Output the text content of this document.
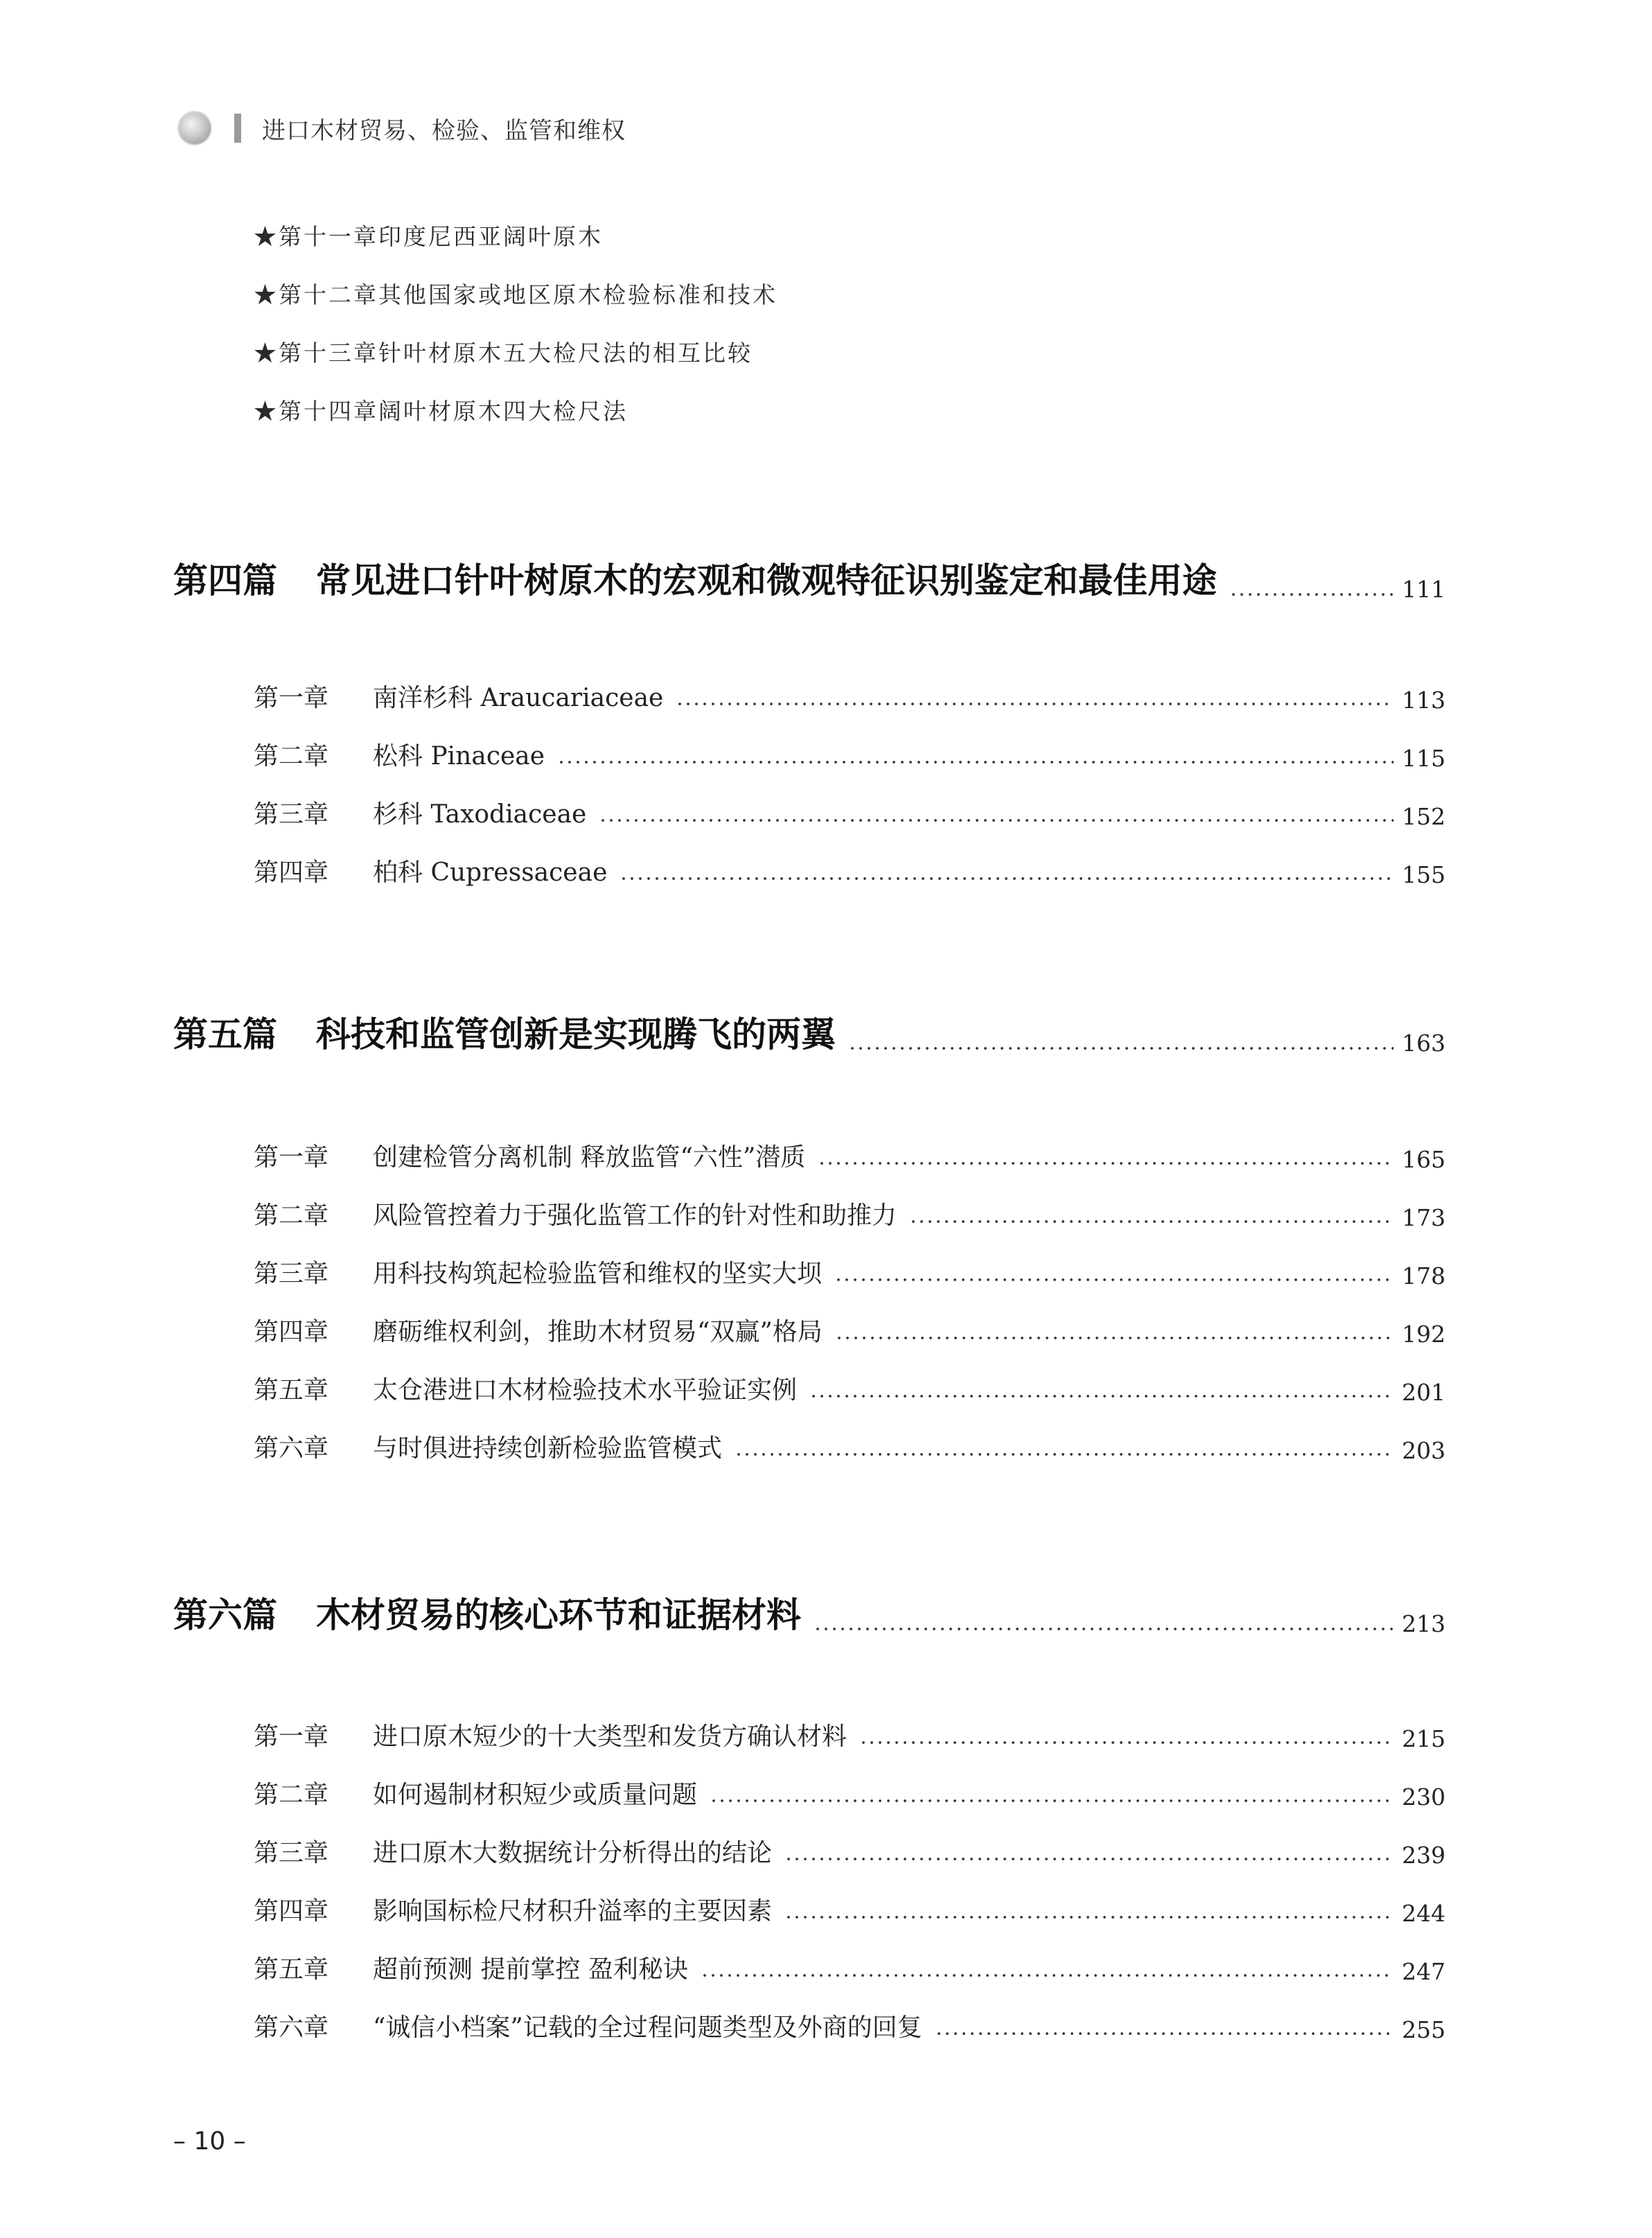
进口木材贸易、检验、监管和维权
★第十一章印度尼西亚阔叶原木
★第十二章其他国家或地区原木检验标准和技术
★第十三章针叶材原木五大检尺法的相互比较
★第十四章阔叶材原木四大检尺法
第四篇 常见进口针叶树原木的宏观和微观特征识别鉴定和最佳用途	111
第一章	南洋杉科 Araucariaceae	113
第二章	松科 Pinaceae	115
第三章	杉科 Taxodiaceae	152
第四章	柏科 Cupressaceae	155
第五篇 科技和监管创新是实现腾飞的两翼	163
第一章	创建检管分离机制 释放监管“六性”潜质	165
第二章	风险管控着力于强化监管工作的针对性和助推力	173
第三章	用科技构筑起检验监管和维权的坚实大坝	178
第四章	磨砺维权利剑，推助木材贸易“双赢”格局	192
第五章	太仓港进口木材检验技术水平验证实例	201
第六章	与时俱进持续创新检验监管模式	203
第六篇 木材贸易的核心环节和证据材料	213
第一章	进口原木短少的十大类型和发货方确认材料	215
第二章	如何遏制材积短少或质量问题	230
第三章	进口原木大数据统计分析得出的结论	239
第四章	影响国标检尺材积升溢率的主要因素	244
第五章	超前预测 提前掌控 盈利秘诀	247
第六章	“诚信小档案”记载的全过程问题类型及外商的回复	255
– 10 –
